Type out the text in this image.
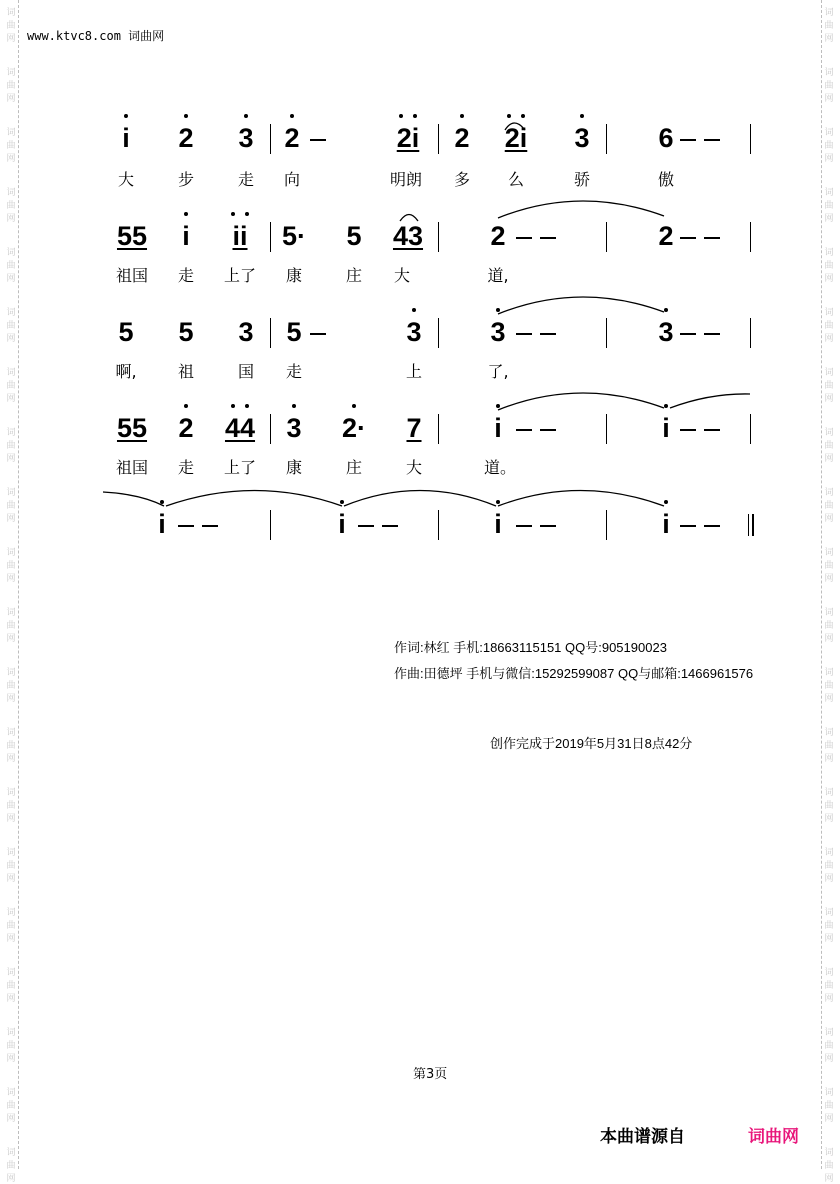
词
曲
网
词
曲
网
词
曲
网
词
曲
网
词
曲
网
词
曲
网
词
曲
网
词
曲
网
词
曲
网
词
曲
网
词
曲
网
词
曲
网
词
曲
网
词
曲
网
词
曲
网
词
曲
网
词
曲
网
词
曲
网
词
曲
网
词
曲
网
词
曲
网
词
曲
网
词
曲
网
词
曲
网
词
曲
网
词
曲
网
词
曲
网
词
曲
网
词
曲
网
词
曲
网
词
曲
网
词
曲
网
词
曲
网
词
曲
网
词
曲
网
词
曲
网
词
曲
网
词
曲
网
词
曲
网
词
曲
网
www.ktvc8.com 词曲网
i 2 3 2	2i 2 2i 3	6
大	步	走 向	明朗 多 么	骄	傲
55 i ii 5· 5 43 2	2
祖国 走 上了 康	庄 大	道,
5 5 3 5	3	3	3
啊,	祖	国 走	上	了,
55 2 44 3 2· 7	i	i
祖国 走 上了 康	庄	大	道。
i	i	i	i
作词:林红 手机:18663115151 QQ号:905190023
作曲:田德坪 手机与微信:15292599087 QQ与邮箱:1466961576
创作完成于2019年5月31日8点42分
第3页
本曲谱源自	词曲网
